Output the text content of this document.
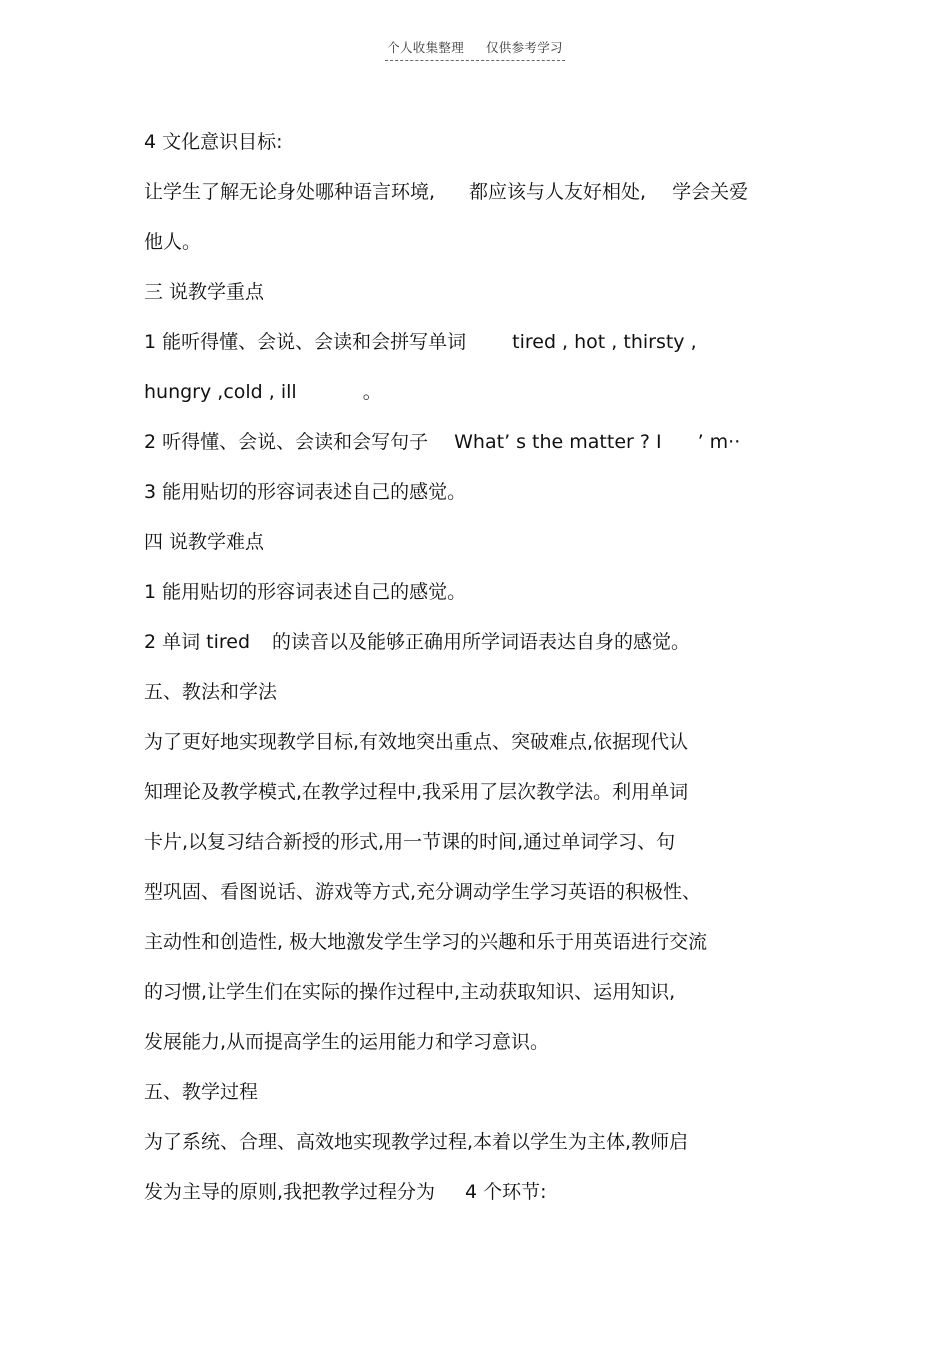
个人收集整理 仅供参考学习
4 文化意识目标:
让学生了解无论身处哪种语言环境, 都应该与人友好相处, 学会关爱
他人。
三 说教学重点
1 能听得懂、会说、会读和会拼写单词 tired , hot , thirsty ,
hungry ,cold , ill	。
2 听得懂、会说、会读和会写句子 What’ s the matter ? I ’ m··
3 能用贴切的形容词表述自己的感觉。
四 说教学难点
1 能用贴切的形容词表述自己的感觉。
2 单词 tired 的读音以及能够正确用所学词语表达自身的感觉。
五、教法和学法
为了更好地实现教学目标,有效地突出重点、突破难点,依据现代认
知理论及教学模式,在教学过程中,我采用了层次教学法。利用单词
卡片,以复习结合新授的形式,用一节课的时间,通过单词学习、句
型巩固、看图说话、游戏等方式,充分调动学生学习英语的积极性、
主动性和创造性, 极大地激发学生学习的兴趣和乐于用英语进行交流
的习惯,让学生们在实际的操作过程中,主动获取知识、运用知识,
发展能力,从而提高学生的运用能力和学习意识。
五、教学过程
为了系统、合理、高效地实现教学过程,本着以学生为主体,教师启
发为主导的原则,我把教学过程分为 4 个环节:
